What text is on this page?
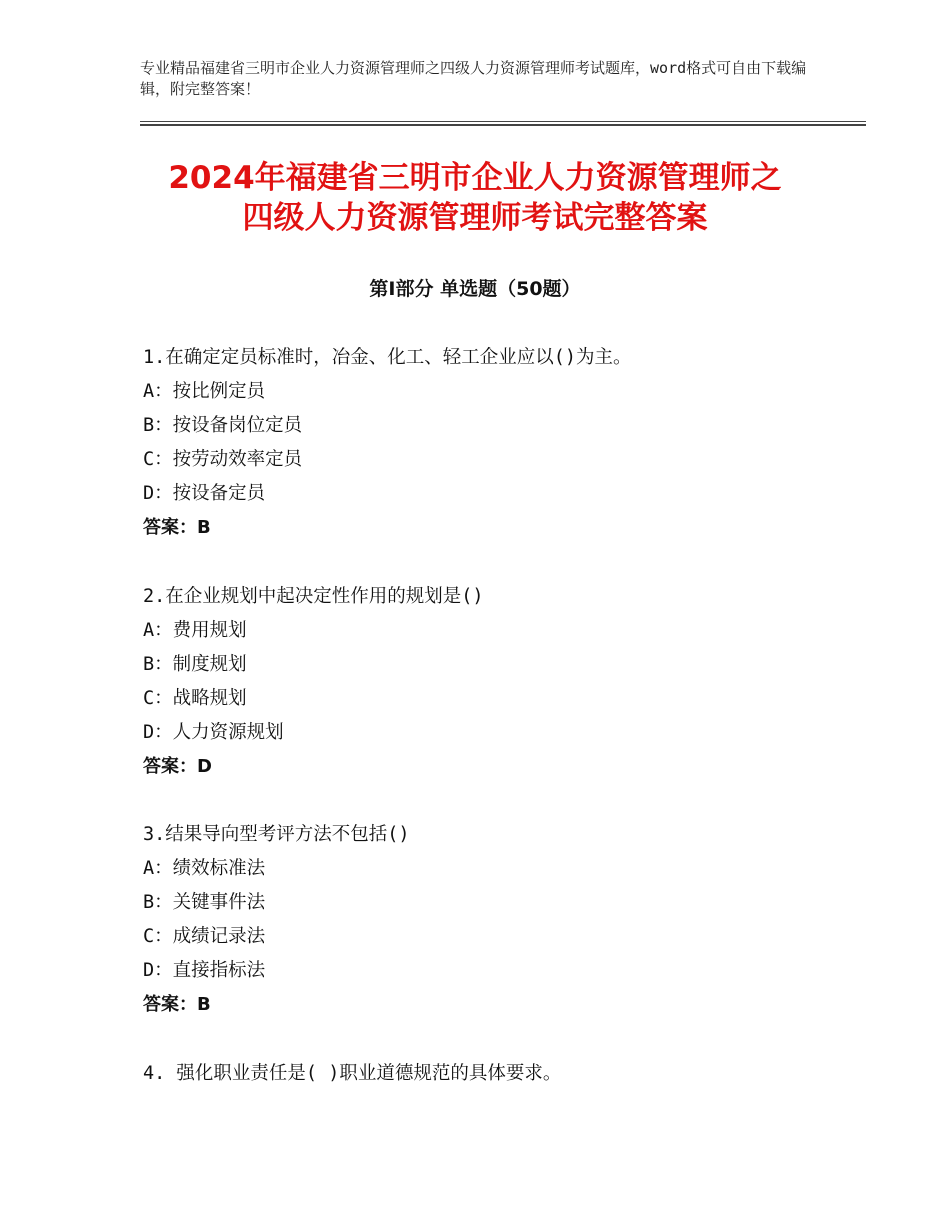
专业精品福建省三明市企业人力资源管理师之四级人力资源管理师考试题库，word格式可自由下载编辑，附完整答案！
2024年福建省三明市企业人力资源管理师之
四级人力资源管理师考试完整答案
第Ⅰ部分 单选题（50题）
1.在确定定员标准时，冶金、化工、轻工企业应以()为主。
A：按比例定员
B：按设备岗位定员
C：按劳动效率定员
D：按设备定员
答案：B
2.在企业规划中起决定性作用的规划是()
A：费用规划
B：制度规划
C：战略规划
D：人力资源规划
答案：D
3.结果导向型考评方法不包括()
A：绩效标准法
B：关键事件法
C：成绩记录法
D：直接指标法
答案：B
4. 强化职业责任是( )职业道德规范的具体要求。
